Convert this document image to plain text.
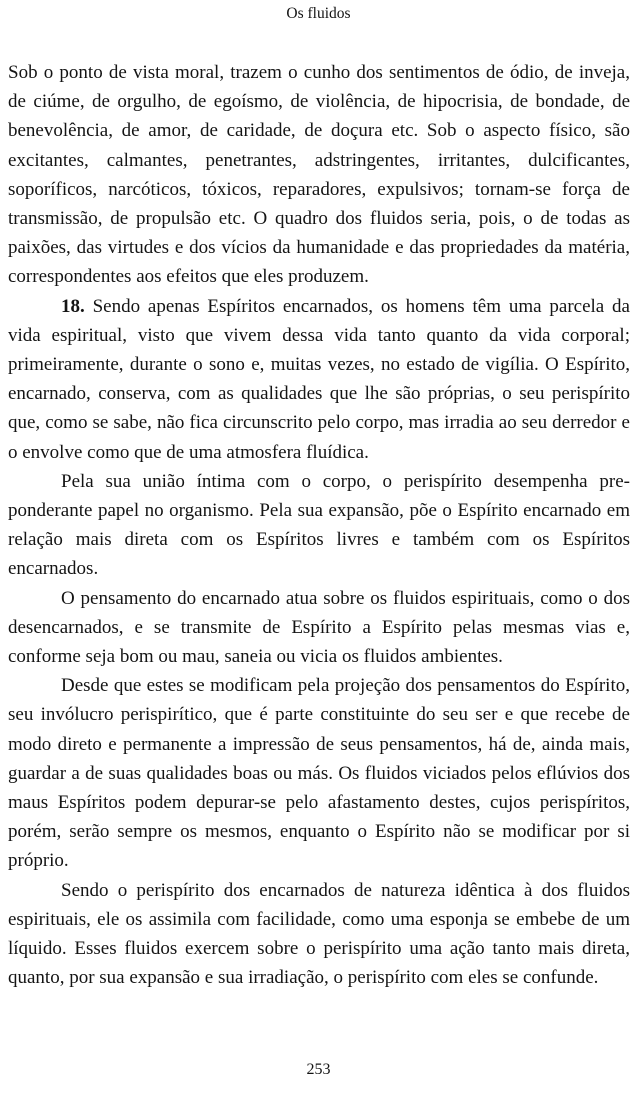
Os fluidos

Sob o ponto de vista moral, trazem o cunho dos sentimentos de ódio, de inveja, de ciúme, de orgulho, de egoísmo, de violência, de hipocrisia, de bondade, de benevolência, de amor, de caridade, de doçura etc. Sob o aspecto físico, são excitantes, calmantes, penetrantes, adstringentes, irritantes, dulcificantes, soporíficos, narcóticos, tóxicos, reparadores, expulsivos; tornam-se força de transmissão, de propulsão etc. O quadro dos fluidos seria, pois, o de todas as paixões, das virtudes e dos vícios da humanidade e das propriedades da matéria, correspondentes aos efeitos que eles produzem.

18. Sendo apenas Espíritos encarnados, os homens têm uma parcela da vida espiritual, visto que vivem dessa vida tanto quanto da vida corporal; primeiramente, durante o sono e, muitas vezes, no estado de vigília. O Espírito, encarnado, conserva, com as qualidades que lhe são próprias, o seu perispírito que, como se sabe, não fica circunscrito pelo corpo, mas irradia ao seu derredor e o envolve como que de uma atmosfera fluídica.

Pela sua união íntima com o corpo, o perispírito desempenha preponderante papel no organismo. Pela sua expansão, põe o Espírito encarnado em relação mais direta com os Espíritos livres e também com os Espíritos encarnados.

O pensamento do encarnado atua sobre os fluidos espirituais, como o dos desencarnados, e se transmite de Espírito a Espírito pelas mesmas vias e, conforme seja bom ou mau, saneia ou vicia os fluidos ambientes.

Desde que estes se modificam pela projeção dos pensamentos do Espírito, seu invólucro perispirítico, que é parte constituinte do seu ser e que recebe de modo direto e permanente a impressão de seus pensamentos, há de, ainda mais, guardar a de suas qualidades boas ou más. Os fluidos viciados pelos eflúvios dos maus Espíritos podem depurar-se pelo afastamento destes, cujos perispíritos, porém, serão sempre os mesmos, enquanto o Espírito não se modificar por si próprio.

Sendo o perispírito dos encarnados de natureza idêntica à dos fluidos espirituais, ele os assimila com facilidade, como uma esponja se embebe de um líquido. Esses fluidos exercem sobre o perispírito uma ação tanto mais direta, quanto, por sua expansão e sua irradiação, o perispírito com eles se confunde.

253
